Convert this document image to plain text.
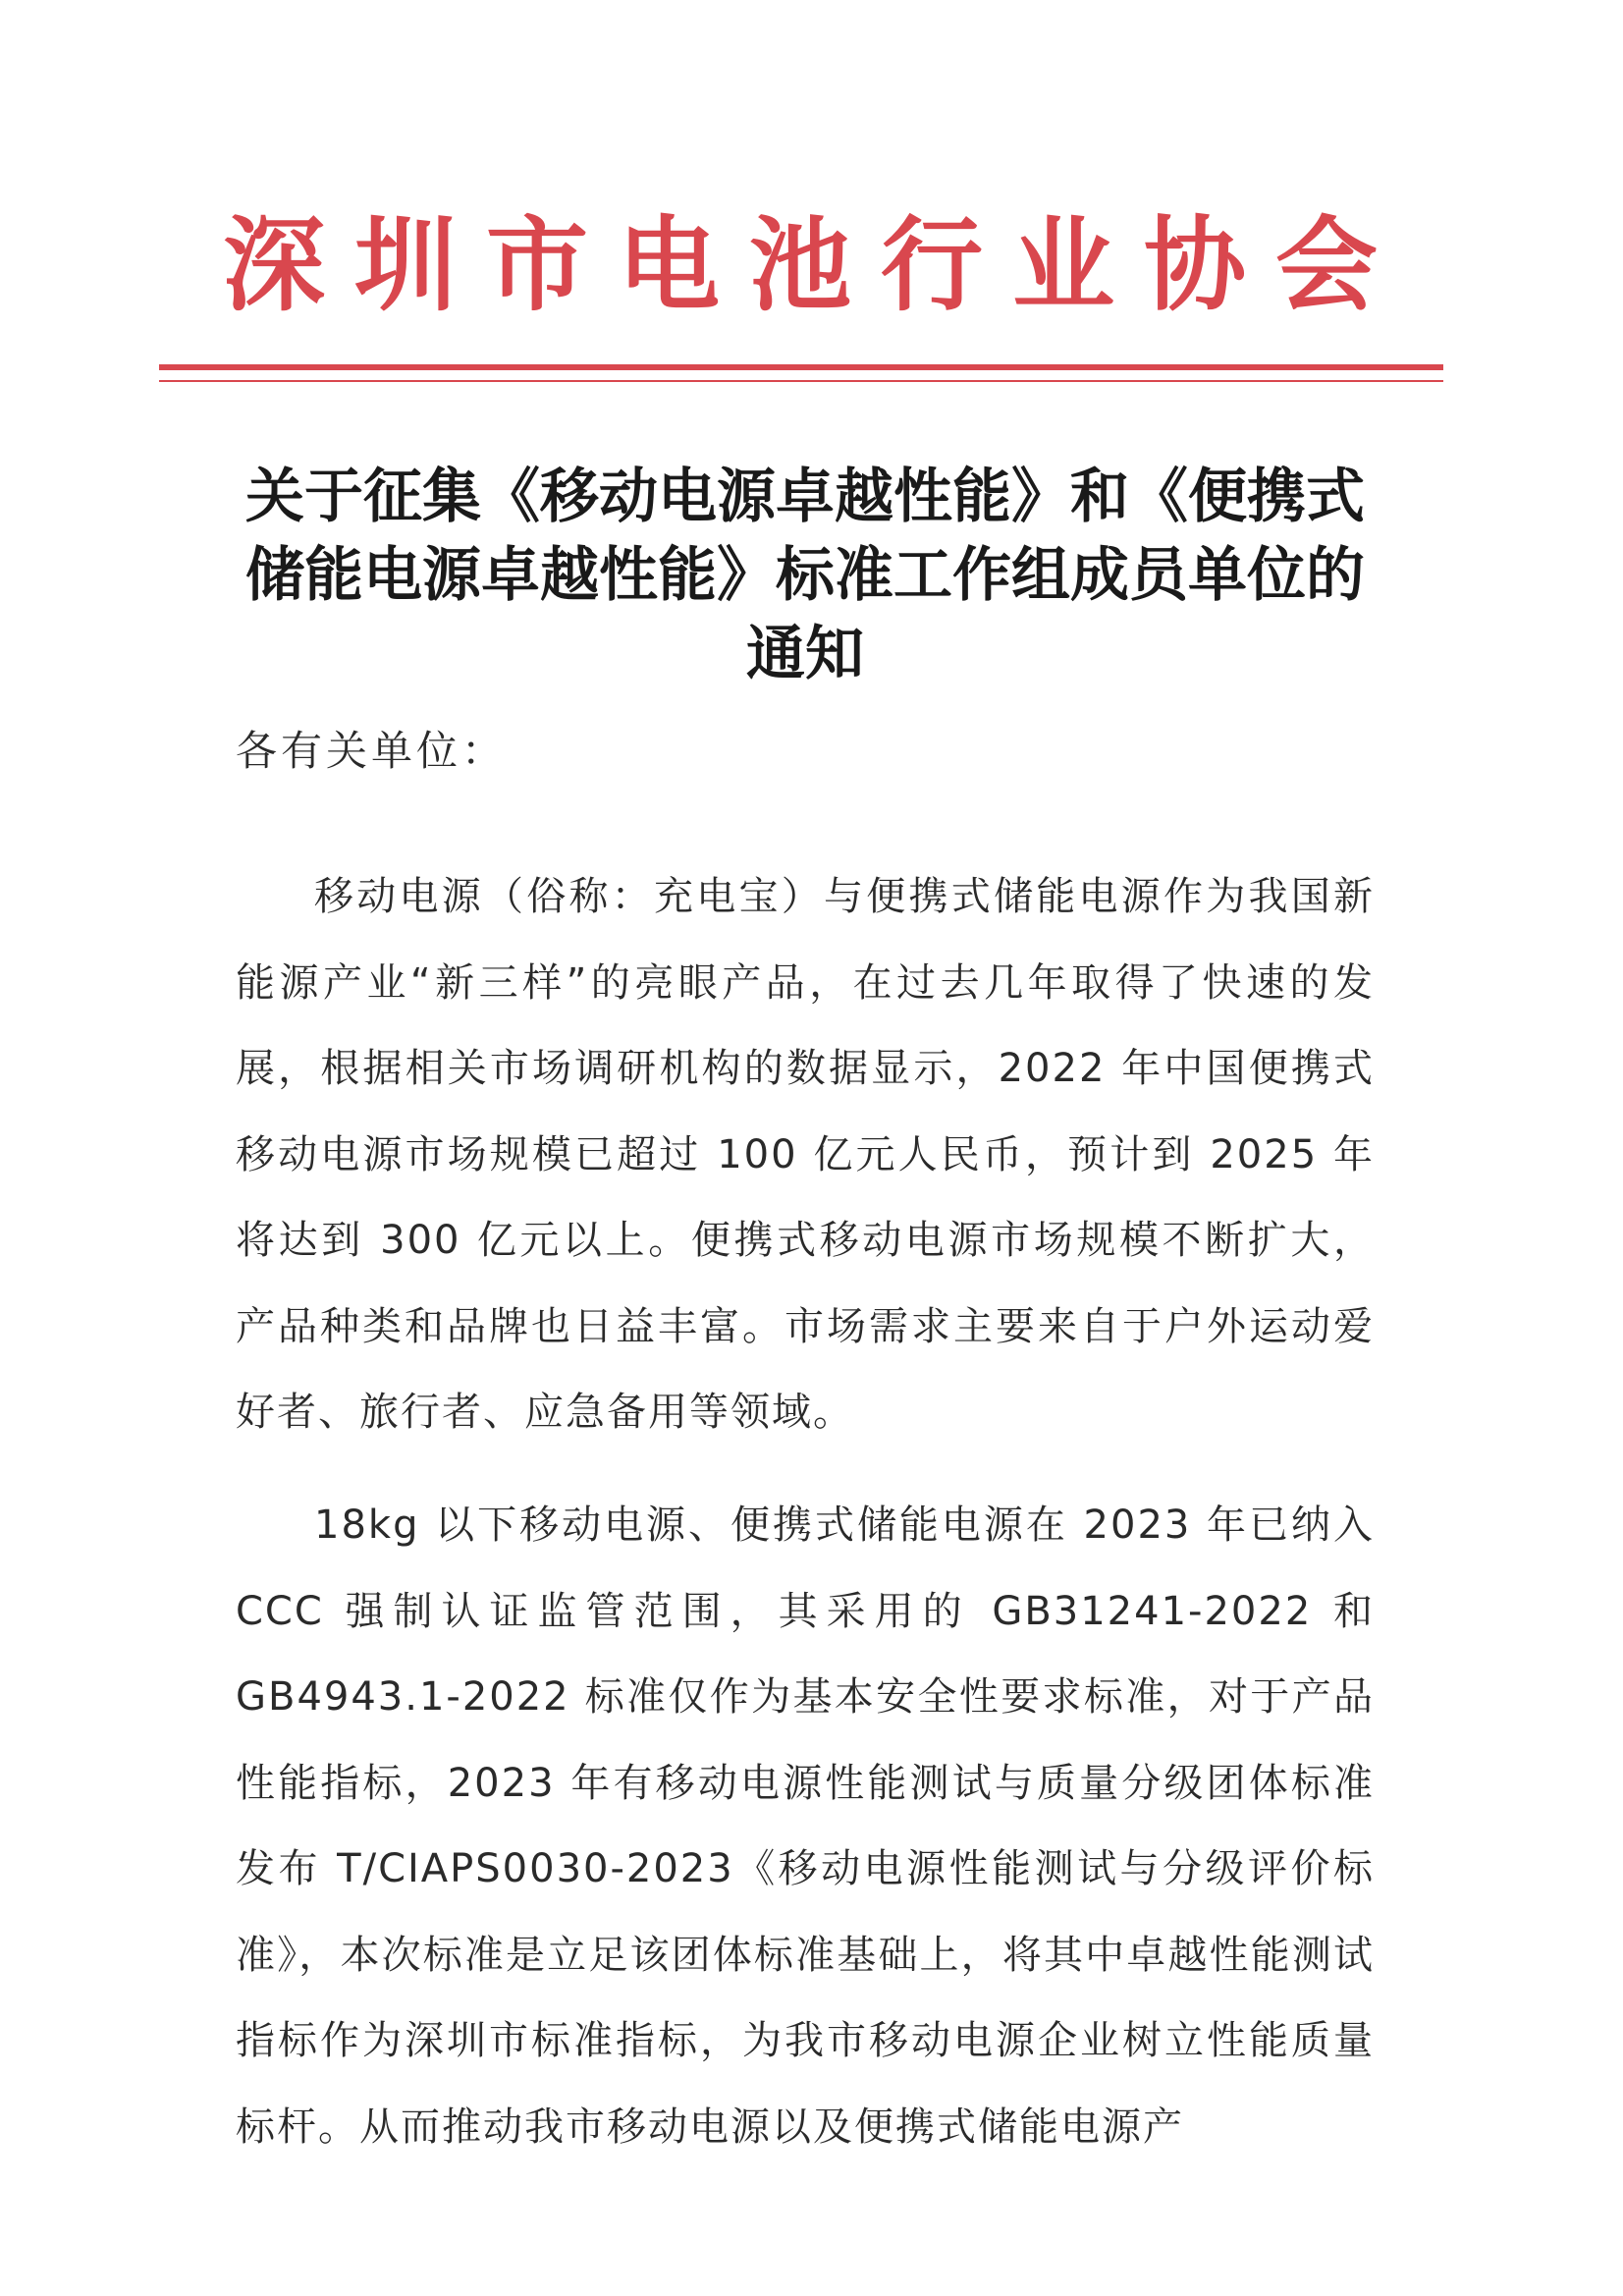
深圳市电池行业协会
关于征集《移动电源卓越性能》和《便携式储能电源卓越性能》标准工作组成员单位的通知
各有关单位：

移动电源（俗称：充电宝）与便携式储能电源作为我国新能源产业“新三样”的亮眼产品，在过去几年取得了快速的发展，根据相关市场调研机构的数据显示，2022 年中国便携式移动电源市场规模已超过 100 亿元人民币，预计到 2025 年将达到 300 亿元以上。便携式移动电源市场规模不断扩大，产品种类和品牌也日益丰富。市场需求主要来自于户外运动爱好者、旅行者、应急备用等领域。

18kg 以下移动电源、便携式储能电源在 2023 年已纳入 CCC 强制认证监管范围，其采用的 GB31241-2022 和 GB4943.1-2022 标准仅作为基本安全性要求标准，对于产品性能指标，2023 年有移动电源性能测试与质量分级团体标准发布 T/CIAPS0030-2023《移动电源性能测试与分级评价标准》，本次标准是立足该团体标准基础上，将其中卓越性能测试指标作为深圳市标准指标，为我市移动电源企业树立性能质量标杆。从而推动我市移动电源以及便携式储能电源产
